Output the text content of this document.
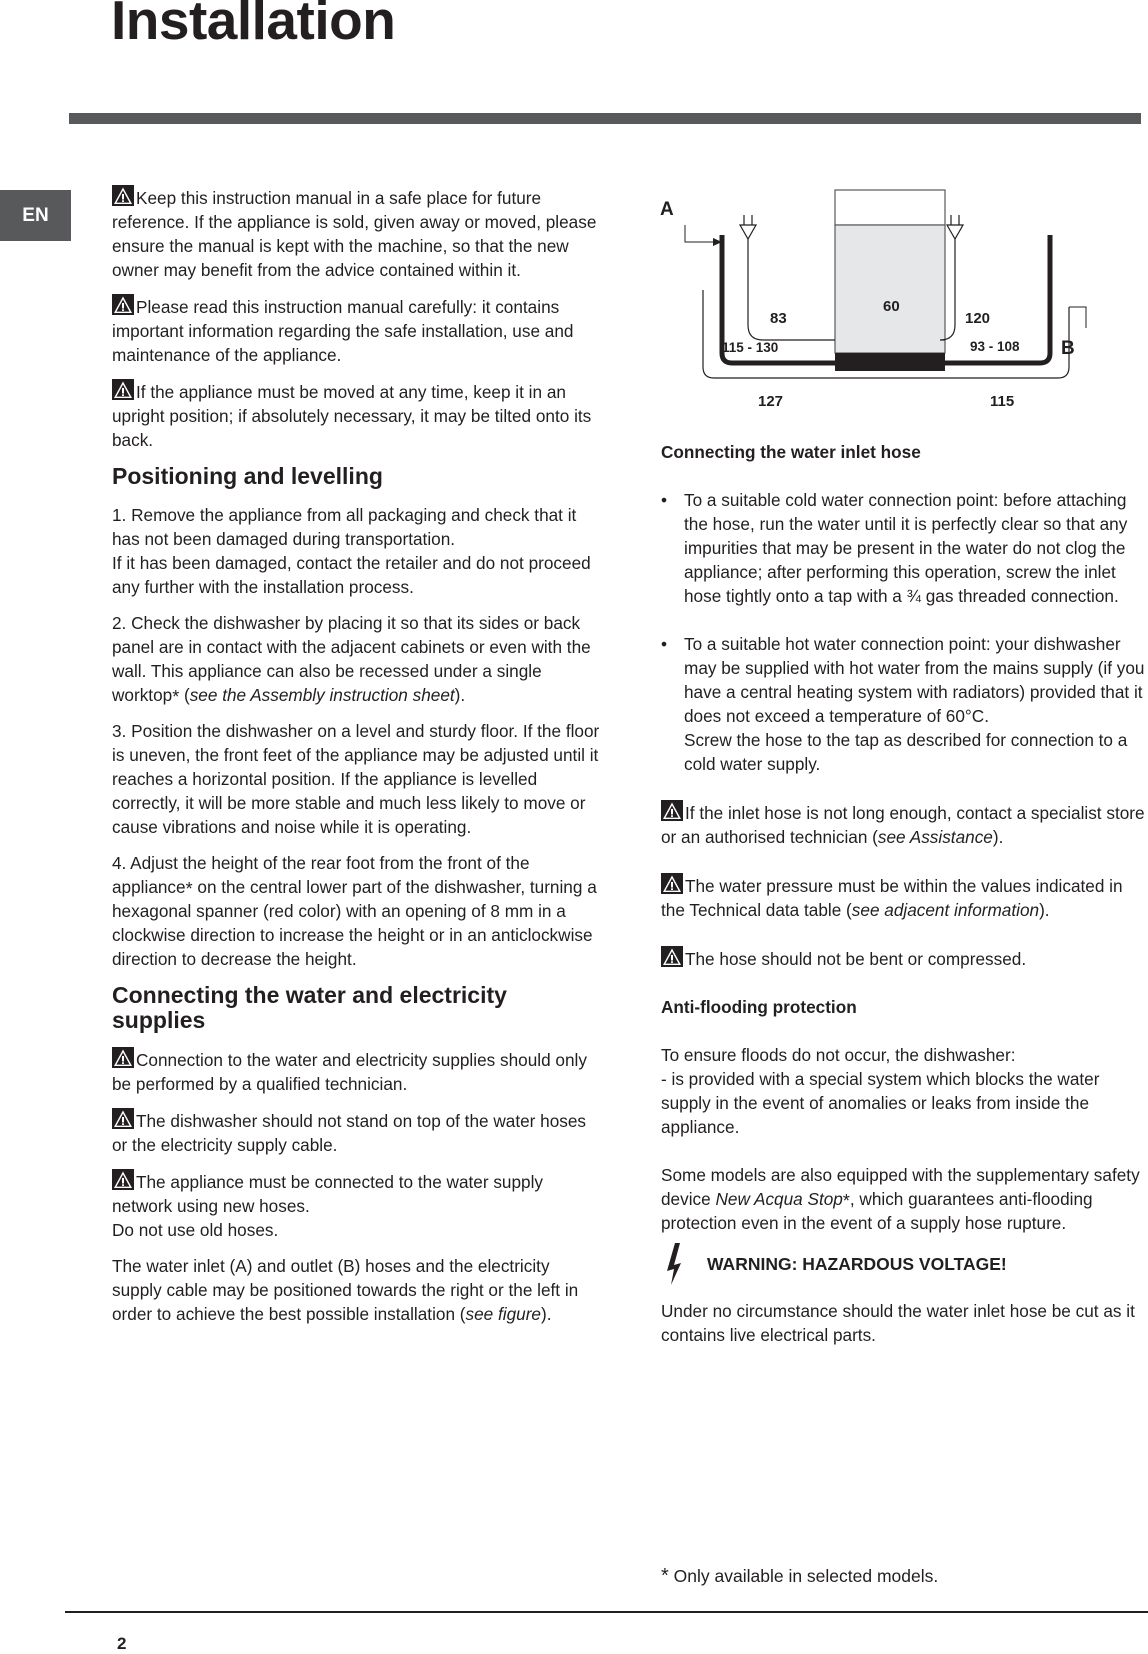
Installation
EN

Keep this instruction manual in a safe place for future reference. If the appliance is sold, given away or moved, please ensure the manual is kept with the machine, so that the new owner may benefit from the advice contained within it.

Please read this instruction manual carefully: it contains important information regarding the safe installation, use and maintenance of the appliance.

If the appliance must be moved at any time, keep it in an upright position; if absolutely necessary, it may be tilted onto its back.

Positioning and levelling

1. Remove the appliance from all packaging and check that it has not been damaged during transportation.
If it has been damaged, contact the retailer and do not proceed any further with the installation process.

2. Check the dishwasher by placing it so that its sides or back panel are in contact with the adjacent cabinets or even with the wall. This appliance can also be recessed under a single worktop* (see the Assembly instruction sheet).

3. Position the dishwasher on a level and sturdy floor. If the floor is uneven, the front feet of the appliance may be adjusted until it reaches a horizontal position. If the appliance is levelled correctly, it will be more stable and much less likely to move or cause vibrations and noise while it is operating.

4. Adjust the height of the rear foot from the front of the appliance* on the central lower part of the dishwasher, turning a hexagonal spanner (red color) with an opening of 8 mm in a clockwise direction to increase the height or in an anticlockwise direction to decrease the height.

Connecting the water and electricity supplies

Connection to the water and electricity supplies should only be performed by a qualified technician.

The dishwasher should not stand on top of the water hoses or the electricity supply cable.

The appliance must be connected to the water supply network using new hoses.
Do not use old hoses.

The water inlet (A) and outlet (B) hoses and the electricity supply cable may be positioned towards the right or the left in order to achieve the best possible installation (see figure).

A
B
83
60
120
115 - 130	93 - 108
127	115
Connecting the water inlet hose
• To a suitable cold water connection point: before attaching the hose, run the water until it is perfectly clear so that any impurities that may be present in the water do not clog the appliance; after performing this operation, screw the inlet hose tightly onto a tap with a ¾ gas threaded connection.
• To a suitable hot water connection point: your dishwasher may be supplied with hot water from the mains supply (if you have a central heating system with radiators) provided that it does not exceed a temperature of 60°C.
Screw the hose to the tap as described for connection to a cold water supply.

If the inlet hose is not long enough, contact a specialist store or an authorised technician (see Assistance).

The water pressure must be within the values indicated in the Technical data table (see adjacent information).

The hose should not be bent or compressed.

Anti-flooding protection

To ensure floods do not occur, the dishwasher:
- is provided with a special system which blocks the water supply in the event of anomalies or leaks from inside the appliance.

Some models are also equipped with the supplementary safety device New Acqua Stop*, which guarantees anti-flooding protection even in the event of a supply hose rupture.

WARNING: HAZARDOUS VOLTAGE!

Under no circumstance should the water inlet hose be cut as it contains live electrical parts.

* Only available in selected models.
2
